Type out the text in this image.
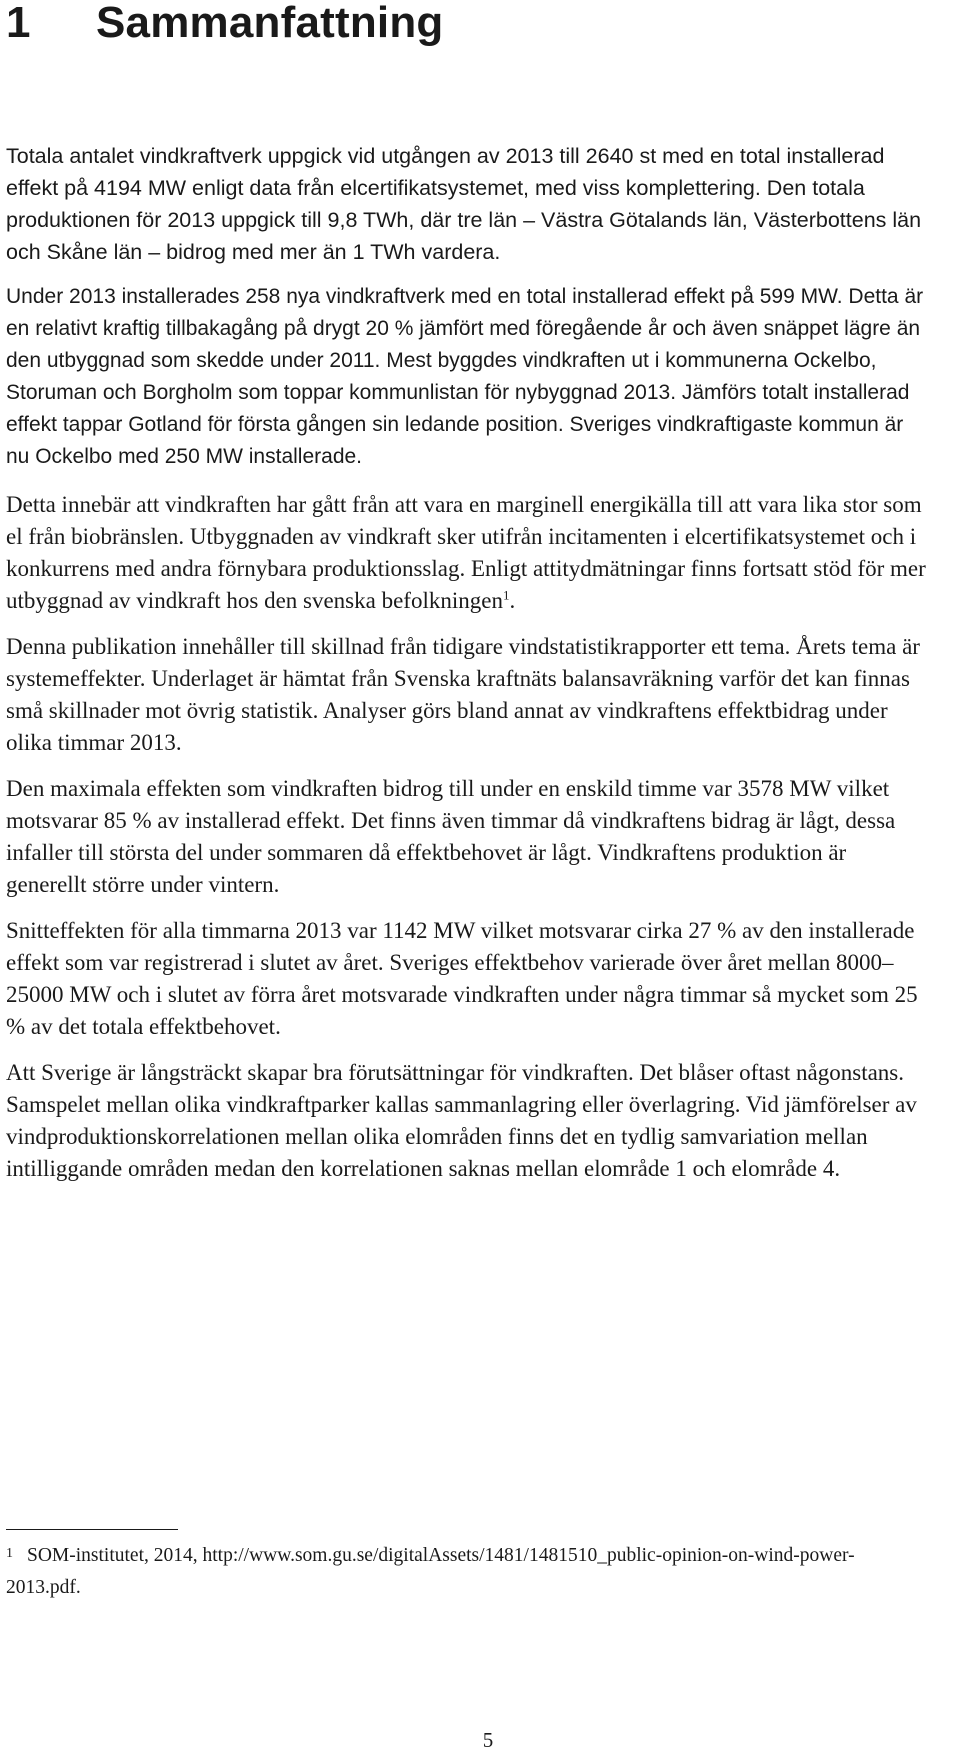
1 Sammanfattning

Totala antalet vindkraftverk uppgick vid utgången av 2013 till 2640 st med en total installerad effekt på 4194 MW enligt data från elcertifikatsystemet, med viss komplettering. Den totala produktionen för 2013 uppgick till 9,8 TWh, där tre län – Västra Götalands län, Västerbottens län och Skåne län – bidrog med mer än 1 TWh vardera.

Under 2013 installerades 258 nya vindkraftverk med en total installerad effekt på 599 MW. Detta är en relativt kraftig tillbakagång på drygt 20 % jämfört med föregående år och även snäppet lägre än den utbyggnad som skedde under 2011. Mest byggdes vindkraften ut i kommunerna Ockelbo, Storuman och Borgholm som toppar kommunlistan för nybyggnad 2013. Jämförs totalt installerad effekt tappar Gotland för första gången sin ledande position. Sveriges vindkraftigaste kommun är nu Ockelbo med 250 MW installerade.

Detta innebär att vindkraften har gått från att vara en marginell energikälla till att vara lika stor som el från biobränslen. Utbyggnaden av vindkraft sker utifrån incitamenten i elcertifikatsystemet och i konkurrens med andra förnybara produktionsslag. Enligt attitydmätningar finns fortsatt stöd för mer utbyggnad av vindkraft hos den svenska befolkningen$^1$.

Denna publikation innehåller till skillnad från tidigare vindstatistikrapporter ett tema. Årets tema är systemeffekter. Underlaget är hämtat från Svenska kraftnäts balansavräkning varför det kan finnas små skillnader mot övrig statistik. Analyser görs bland annat av vindkraftens effektbidrag under olika timmar 2013.

Den maximala effekten som vindkraften bidrog till under en enskild timme var 3578 MW vilket motsvarar 85 % av installerad effekt. Det finns även timmar då vindkraftens bidrag är lågt, dessa infaller till största del under sommaren då effektbehovet är lågt. Vindkraftens produktion är generellt större under vintern.

Snitteffekten för alla timmarna 2013 var 1142 MW vilket motsvarar cirka 27 % av den installerade effekt som var registrerad i slutet av året. Sveriges effektbehov varierade över året mellan 8000–25000 MW och i slutet av förra året motsvarade vindkraften under några timmar så mycket som 25 % av det totala effektbehovet.

Att Sverige är långsträckt skapar bra förutsättningar för vindkraften. Det blåser oftast någonstans. Samspelet mellan olika vindkraftparker kallas sammanlagring eller överlagring. Vid jämförelser av vindproduktionskorrelationen mellan olika elområden finns det en tydlig samvariation mellan intilliggande områden medan den korrelationen saknas mellan elområde 1 och elområde 4.

$^1$ SOM-institutet, 2014, http://www.som.gu.se/digitalAssets/1481/1481510_public-opinion-on-wind-power-2013.pdf.

5
